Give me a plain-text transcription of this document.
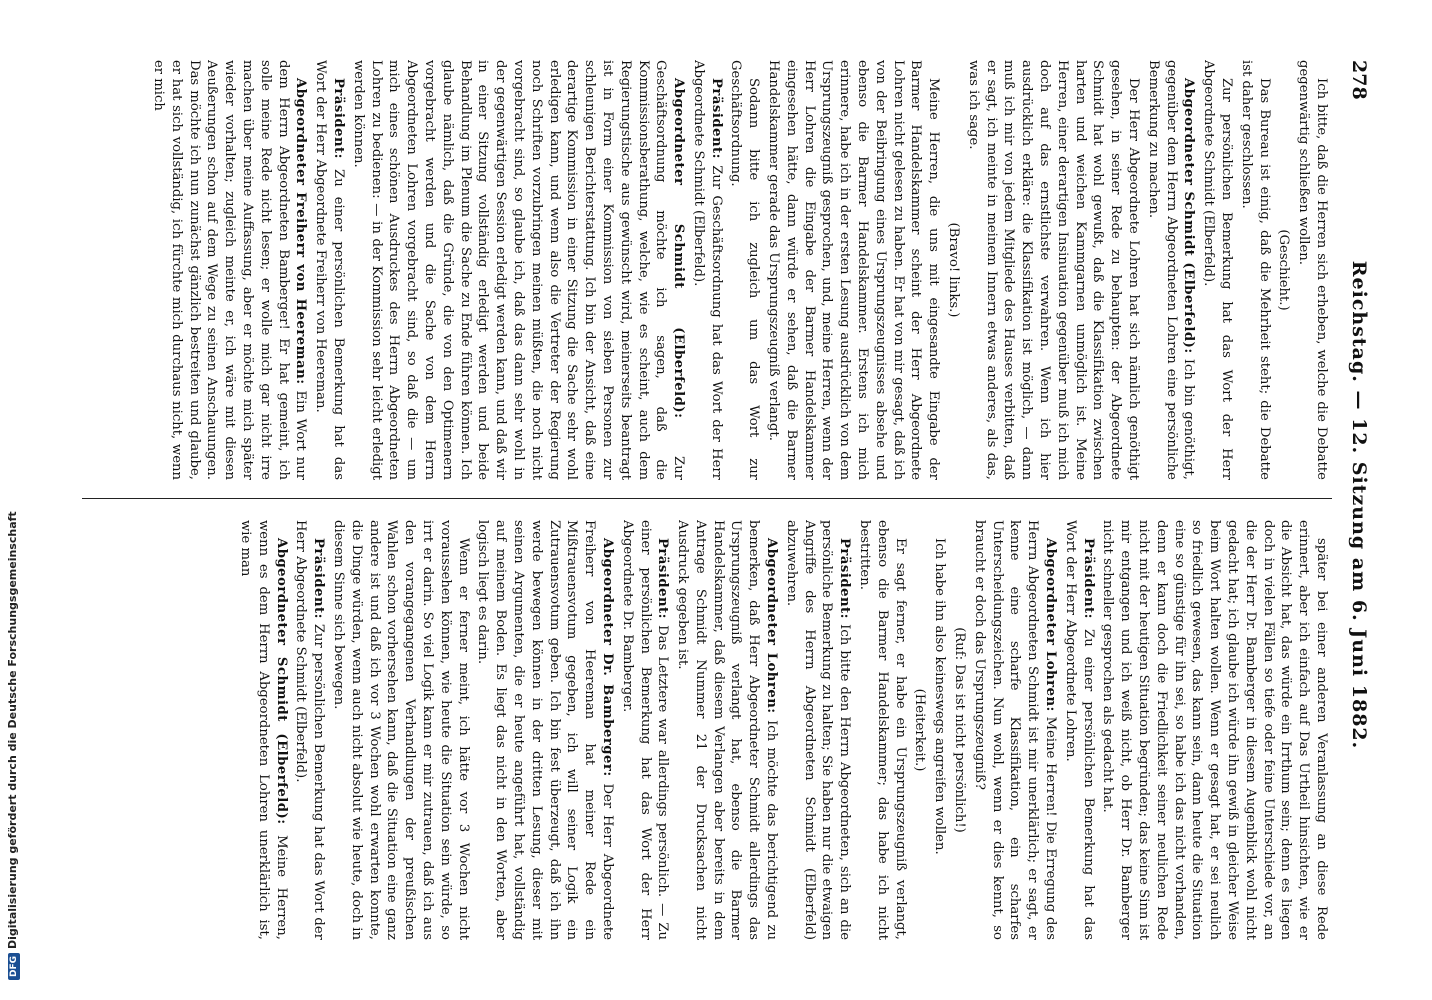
278
Reichstag. — 12. Sitzung am 6. Juni 1882.

Ich bitte, daß die Herren sich erheben, welche die Debatte gegenwärtig schließen wollen.

(Geschieht.)

Das Bureau ist einig, daß die Mehrheit steht; die Debatte ist daher geschlossen.

Zur persönlichen Bemerkung hat das Wort der Herr Abgeordnete Schmidt (Elberfeld).

Abgeordneter Schmidt (Elberfeld): Ich bin genöthigt, gegenüber dem Herrn Abgeordneten Lohren eine persönliche Bemerkung zu machen.

Der Herr Abgeordnete Lohren hat sich nämlich genöthigt gesehen, in seiner Rede zu behaupten: der Abgeordnete Schmidt hat wohl gewußt, daß die Klassifikation zwischen harten und weichen Kammgarnen unmöglich ist. Meine Herren, einer derartigen Insinuation gegenüber muß ich mich doch auf das ernstlichste verwahren. Wenn ich hier ausdrücklich erkläre: die Klassifikation ist möglich, — dann muß ich mir von jedem Mitgliede des Hauses verbitten, daß er sagt, ich meinte in meinem Innern etwas anderes, als das, was ich sage.

(Bravo! links.)

Meine Herren, die uns mit eingesandte Eingabe der Barmer Handelskammer scheint der Herr Abgeordnete Lohren nicht gelesen zu haben. Er hat von mir gesagt, daß ich von der Beibringung eines Ursprungszeugnisses absehe und ebenso die Barmer Handelskammer. Erstens ich mich erinnere, habe ich in der ersten Lesung ausdrücklich von dem Ursprungszeugniß gesprochen, und, meine Herren, wenn der Herr Lohren die Eingabe der Barmer Handelskammer eingesehen hätte, dann würde er sehen, daß die Barmer Handelskammer gerade das Ursprungszeugniß verlangt.

Sodann bitte ich zugleich um das Wort zur Geschäftsordnung.

Präsident: Zur Geschäftsordnung hat das Wort der Herr Abgeordnete Schmidt (Elberfeld).

Abgeordneter Schmidt (Elberfeld): Zur Geschäftsordnung möchte ich sagen, daß die Kommissionsberathung, welche, wie es scheint, auch dem Regierungstische aus gewünscht wird, meinerseits beantragt ist in Form einer Kommission von sieben Personen zur schleunigen Berichterstattung. Ich bin der Ansicht, daß eine derartige Kommission in einer Sitzung die Sache sehr wohl erledigen kann, und wenn also die Vertreter der Regierung noch Schriften vorzubringen meinen müßten, die noch nicht vorgebracht sind, so glaube ich, daß das dann sehr wohl in der gegenwärtigen Session erledigt werden kann, und daß wir in einer Sitzung vollständig erledigt werden und beide Behandlung im Plenum die Sache zu Ende führen können. Ich glaube nämlich, daß die Gründe, die von den Optimenern vorgebracht werden und die Sache von dem Herrn Abgeordneten Lohren vorgebracht sind, so daß die — um mich eines schönen Ausdruckes des Herrn Abgeordneten Lohren zu bedienen: — in der Kommission sehr leicht erledigt werden können.

Präsident: Zu einer persönlichen Bemerkung hat das Wort der Herr Abgeordnete Freiherr von Heereman.

Abgeordneter Freiherr von Heereman: Ein Wort nur dem Herrn Abgeordneten Bamberger! Er hat gemeint, ich solle meine Rede nicht lesen; er wolle mich gar nicht irre machen über meine Auffassung, aber er möchte mich später wieder vorhalten; zugleich meinte er, ich wäre mit diesen Aeußerungen schon auf dem Wege zu seinen Anschauungen. Das möchte ich nun zunächst gänzlich bestreiten und glaube, er hat sich vollständig, ich fürchte mich durchaus nicht, wenn er mich

später bei einer anderen Veranlassung an diese Rede erinnert, aber ich einfach auf Das Urtheil hinsichten, wie er die Absicht hat, das würde ein Irrthum sein; denn es liegen doch in vielen Fällen so tiefe oder feine Unterschiede vor, an die der Herr Dr. Bamberger in diesem Augenblick wohl nicht gedacht hat; ich glaube ich würde ihn gewiß in gleicher Weise beim Wort halten wollen. Wenn er gesagt hat, er sei neulich so friedlich gewesen, das kann sein, dann heute die Situation eine so günstige für ihn sei, so habe ich das nicht vorhanden, denn er kann doch die Friedlichkeit seiner neulichen Rede nicht mit der heutigen Situation begründen; das keine Sinn ist mir entgangen und ich weiß nicht, ob Herr Dr. Bamberger nicht schneller gesprochen als gedacht hat.

Präsident: Zu einer persönlichen Bemerkung hat das Wort der Herr Abgeordnete Lohren.

Abgeordneter Lohren: Meine Herren! Die Erregung des Herrn Abgeordneten Schmidt ist mir unerklärlich; er sagt, er kenne eine scharfe Klassifikation, ein scharfes Unterscheidungszeichen. Nun wohl, wenn er dies kennt, so braucht er doch das Ursprungszeugniß?

(Ruf: Das ist nicht persönlich!)

Ich habe ihn also keineswegs angreifen wollen.

(Heiterkeit.)

Er sagt ferner, er habe ein Ursprungszeugniß verlangt, ebenso die Barmer Handelskammer; das habe ich nicht bestritten.

Präsident: Ich bitte den Herrn Abgeordneten, sich an die persönliche Bemerkung zu halten; Sie haben nur die etwaigen Angriffe des Herrn Abgeordneten Schmidt (Elberfeld) abzuwehren.

Abgeordneter Lohren: Ich möchte das berichtigend zu bemerken, daß Herr Abgeordneter Schmidt allerdings das Ursprungszeugniß verlangt hat, ebenso die Barmer Handelskammer, daß diesem Verlangen aber bereits in dem Antrage Schmidt Nummer 21 der Drucksachen nicht Ausdruck gegeben ist.

Präsident: Das Letztere war allerdings persönlich. — Zu einer persönlichen Bemerkung hat das Wort der Herr Abgeordnete Dr. Bamberger.

Abgeordneter Dr. Bamberger: Der Herr Abgeordnete Freiherr von Heereman hat meiner Rede ein Mißtrauensvotum gegeben, ich will seiner Logik ein Zutrauensvotum geben. Ich bin fest überzeugt, daß ich ihn werde bewegen können in der dritten Lesung, dieser mit seinen Argumenten, die er heute angeführt hat, vollständig auf meinem Boden. Es liegt das nicht in den Worten, aber logisch liegt es darin.

Wenn er ferner meint, ich hätte vor 3 Wochen nicht voraussehen können, wie heute die Situation sein würde, so irrt er darin. So viel Logik kann er mir zutrauen, daß ich aus den vorangegangenen Verhandlungen der preußischen Wahlen schon vorhersehen kann, daß die Situation eine ganz andere ist und daß ich vor 3 Wochen wohl erwarten konnte, die Dinge würden, wenn auch nicht absolut wie heute, doch in diesem Sinne sich bewegen.

Präsident: Zur persönlichen Bemerkung hat das Wort der Herr Abgeordnete Schmidt (Elberfeld).

Abgeordneter Schmidt (Elberfeld): Meine Herren, wenn es dem Herrn Abgeordneten Lohren unerklärlich ist, wie man

DFGDigitalisierung gefördert durch die Deutsche Forschungsgemeinschaft
